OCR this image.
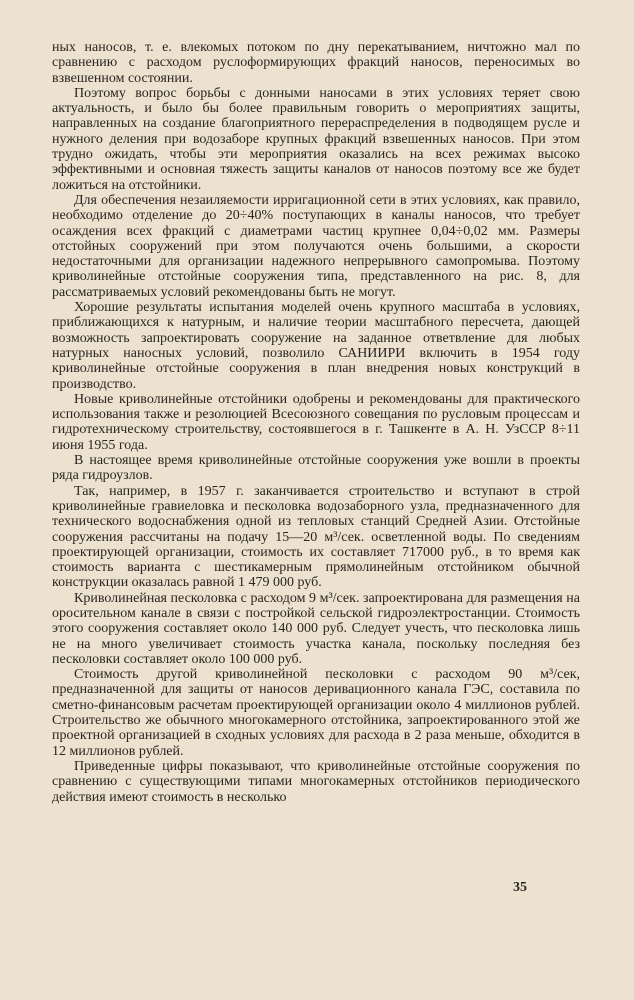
ных наносов, т. е. влекомых потоком по дну перекатыванием, ничтожно мал по сравнению с расходом руслоформирующих фракций наносов, переносимых во взвешенном состоянии.

Поэтому вопрос борьбы с донными наносами в этих условиях теряет свою актуальность, и было бы более правильным говорить о мероприятиях защиты, направленных на создание благоприятного перераспределения в подводящем русле и нужного деления при водозаборе крупных фракций взвешенных наносов. При этом трудно ожидать, чтобы эти мероприятия оказались на всех режимах высоко эффективными и основная тяжесть защиты каналов от наносов поэтому все же будет ложиться на отстойники.

Для обеспечения незаиляемости ирригационной сети в этих условиях, как правило, необходимо отделение до 20÷40% поступающих в каналы наносов, что требует осаждения всех фракций с диаметрами частиц крупнее 0,04÷0,02 мм. Размеры отстойных сооружений при этом получаются очень большими, а скорости недостаточными для организации надежного непрерывного самопромыва. Поэтому криволинейные отстойные сооружения типа, представленного на рис. 8, для рассматриваемых условий рекомендованы быть не могут.

Хорошие результаты испытания моделей очень крупного масштаба в условиях, приближающихся к натурным, и наличие теории масштабного пересчета, дающей возможность запроектировать сооружение на заданное ответвление для любых натурных наносных условий, позволило САНИИРИ включить в 1954 году криволинейные отстойные сооружения в план внедрения новых конструкций в производство.

Новые криволинейные отстойники одобрены и рекомендованы для практического использования также и резолюцией Всесоюзного совещания по русловым процессам и гидротехническому строительству, состоявшегося в г. Ташкенте в А. Н. УзССР 8÷11 июня 1955 года.

В настоящее время криволинейные отстойные сооружения уже вошли в проекты ряда гидроузлов.

Так, например, в 1957 г. заканчивается строительство и вступают в строй криволинейные гравиеловка и песколовка водозаборного узла, предназначенного для технического водоснабжения одной из тепловых станций Средней Азии. Отстойные сооружения рассчитаны на подачу 15—20 м³/сек. осветленной воды. По сведениям проектирующей организации, стоимость их составляет 717000 руб., в то время как стоимость варианта с шестикамерным прямолинейным отстойником обычной конструкции оказалась равной 1 479 000 руб.

Криволинейная песколовка с расходом 9 м³/сек. запроектирована для размещения на оросительном канале в связи с постройкой сельской гидроэлектростанции. Стоимость этого сооружения составляет около 140 000 руб. Следует учесть, что песколовка лишь не на много увеличивает стоимость участка канала, поскольку последняя без песколовки составляет около 100 000 руб.

Стоимость другой криволинейной песколовки с расходом 90 м³/сек, предназначенной для защиты от наносов деривационного канала ГЭС, составила по сметно-финансовым расчетам проектирующей организации около 4 миллионов рублей. Строительство же обычного многокамерного отстойника, запроектированного этой же проектной организацией в сходных условиях для расхода в 2 раза меньше, обходится в 12 миллионов рублей.

Приведенные цифры показывают, что криволинейные отстойные сооружения по сравнению с существующими типами многокамерных отстойников периодического действия имеют стоимость в несколько

35
